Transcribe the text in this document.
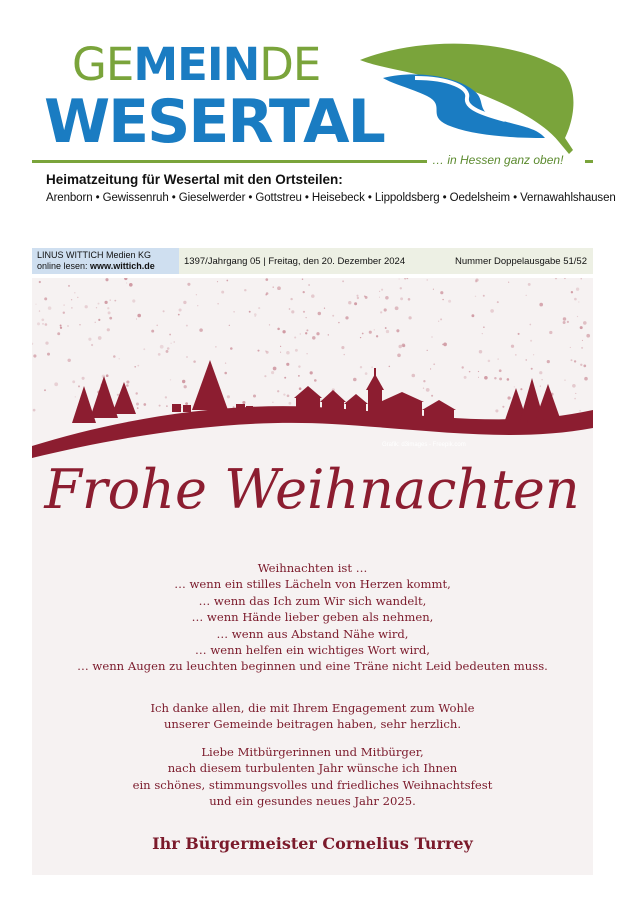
GEMEINDE
WESERTAL
… in Hessen ganz oben!
Heimatzeitung für Wesertal mit den Ortsteilen:
Arenborn • Gewissenruh • Gieselwerder • Gottstreu • Heisebeck • Lippoldsberg • Oedelsheim • Vernawahlshausen
LINUS WITTICH Medien KG
online lesen: www.wittich.de	1397/Jahrgang 05 | Freitag, den 20. Dezember 2024	Nummer Doppelausgabe 51/52
Grafik: d3images - Freepik.com
Frohe Weihnachten

Weihnachten ist …

… wenn ein stilles Lächeln von Herzen kommt,

… wenn das Ich zum Wir sich wandelt,

… wenn Hände lieber geben als nehmen,

… wenn aus Abstand Nähe wird,

… wenn helfen ein wichtiges Wort wird,

… wenn Augen zu leuchten beginnen und eine Träne nicht Leid bedeuten muss.

Ich danke allen, die mit Ihrem Engagement zum Wohle

unserer Gemeinde beitragen haben, sehr herzlich.

Liebe Mitbürgerinnen und Mitbürger,

nach diesem turbulenten Jahr wünsche ich Ihnen

ein schönes, stimmungsvolles und friedliches Weihnachtsfest

und ein gesundes neues Jahr 2025.

Ihr Bürgermeister Cornelius Turrey
